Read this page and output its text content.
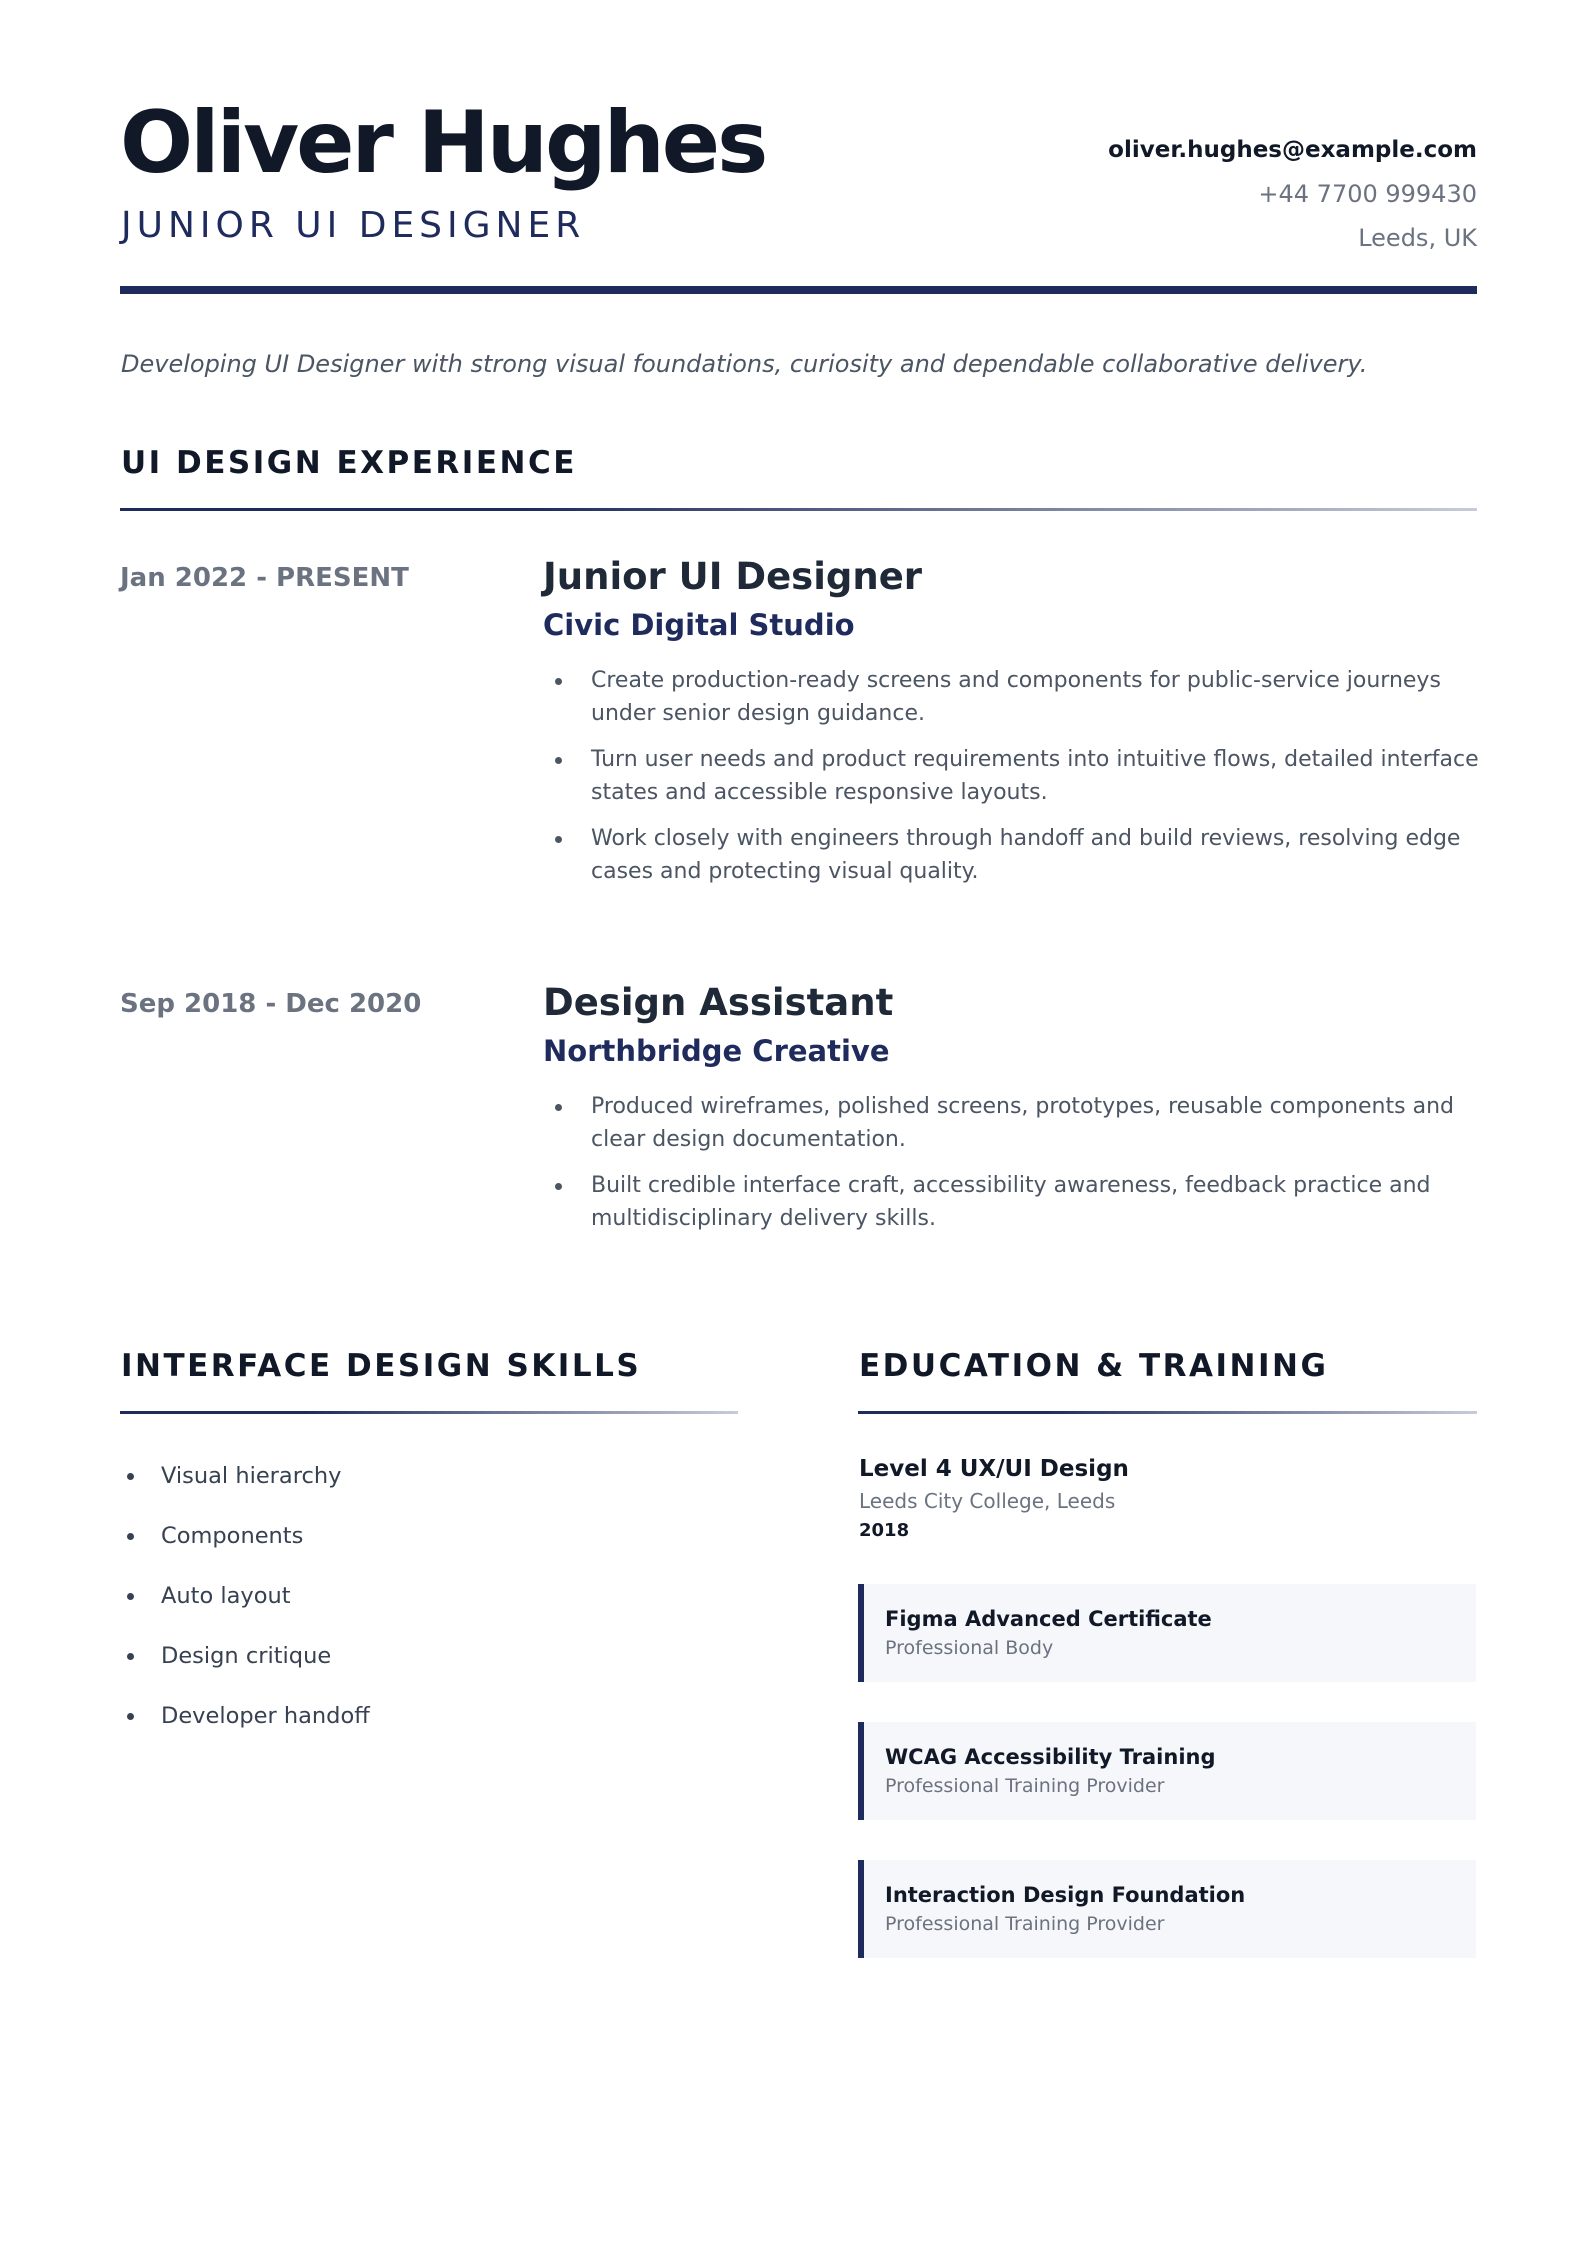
Oliver Hughes
JUNIOR UI DESIGNER
oliver.hughes@example.com
+44 7700 999430
Leeds, UK
Developing UI Designer with strong visual foundations, curiosity and dependable collaborative delivery.
UI DESIGN EXPERIENCE
Jan 2022 - PRESENT	Junior UI Designer
Civic Digital Studio
Create production-ready screens and components for public-service journeys under senior design guidance.
Turn user needs and product requirements into intuitive flows, detailed interface states and accessible responsive layouts.
Work closely with engineers through handoff and build reviews, resolving edge cases and protecting visual quality.
Sep 2018 - Dec 2020	Design Assistant
Northbridge Creative
Produced wireframes, polished screens, prototypes, reusable components and clear design documentation.
Built credible interface craft, accessibility awareness, feedback practice and multidisciplinary delivery skills.
INTERFACE DESIGN SKILLS
Visual hierarchy
Components
Auto layout
Design critique
Developer handoff
EDUCATION & TRAINING
Level 4 UX/UI Design
Leeds City College, Leeds
2018
Figma Advanced Certificate
Professional Body
WCAG Accessibility Training
Professional Training Provider
Interaction Design Foundation
Professional Training Provider
